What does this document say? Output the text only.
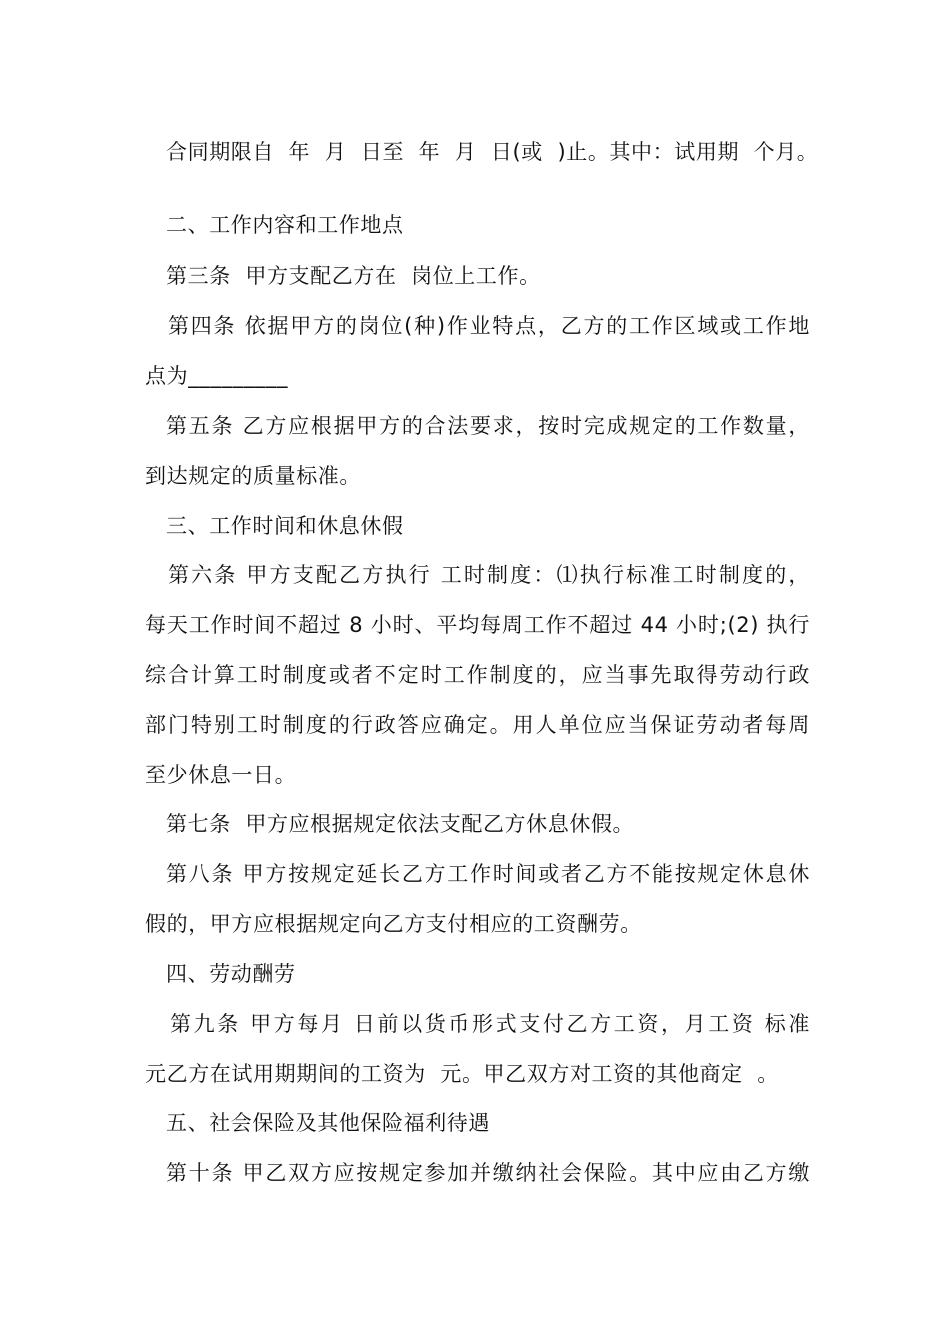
合同期限自  年  月  日至  年  月  日(或  )止。其中：试用期  个月。
二、工作内容和工作地点
第三条  甲方支配乙方在  岗位上工作。
第四条 依据甲方的岗位(种)作业特点，乙方的工作区域或工作地
点为_________
第五条 乙方应根据甲方的合法要求，按时完成规定的工作数量，
到达规定的质量标准。
三、工作时间和休息休假
第六条 甲方支配乙方执行 工时制度：⑴执行标准工时制度的，
每天工作时间不超过 8 小时、平均每周工作不超过 44 小时;(2) 执行
综合计算工时制度或者不定时工作制度的，应当事先取得劳动行政
部门特别工时制度的行政答应确定。用人单位应当保证劳动者每周
至少休息一日。
第七条  甲方应根据规定依法支配乙方休息休假。
第八条 甲方按规定延长乙方工作时间或者乙方不能按规定休息休
假的，甲方应根据规定向乙方支付相应的工资酬劳。
四、劳动酬劳
第九条 甲方每月 日前以货币形式支付乙方工资，月工资 标准
元乙方在试用期期间的工资为  元。甲乙双方对工资的其他商定  。
五、社会保险及其他保险福利待遇
第十条 甲乙双方应按规定参加并缴纳社会保险。其中应由乙方缴
